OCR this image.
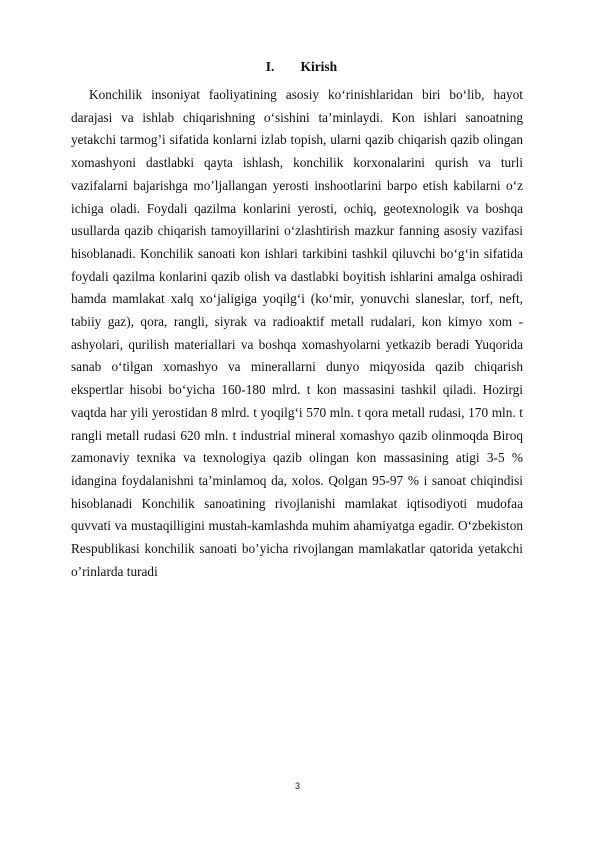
I. Kirish

Konchilik insoniyat faoliyatining asosiy koʻrinishlaridan biri boʻlib, hayot darajasi va ishlab chiqarishning oʻsishini ta’minlaydi. Kon ishlari sanoatning yetakchi tarmog’i sifatida konlarni izlab topish, ularni qazib chiqarish qazib olingan xomashyoni dastlabki qayta ishlash, konchilik korxonalarini qurish va turli vazifalarni bajarishga mo’ljallangan yerosti inshootlarini barpo etish kabilarni oʻz ichiga oladi. Foydali qazilma konlarini yerosti, ochiq, geotexnologik va boshqa usullarda qazib chiqarish tamoyillarini oʻzlashtirish mazkur fanning asosiy vazifasi hisoblanadi. Konchilik sanoati kon ishlari tarkibini tashkil qiluvchi boʻgʻin sifatida foydali qazilma konlarini qazib olish va dastlabki boyitish ishlarini amalga oshiradi hamda mamlakat xalq xoʻjaligiga yoqilgʻi (koʻmir, yonuvchi slaneslar, torf, neft, tabiiy gaz), qora, rangli, siyrak va radioaktif metall rudalari, kon kimyo xom - ashyolari, qurilish materiallari va boshqa xomashyolarni yetkazib beradi Yuqorida sanab oʻtilgan xomashyo va minerallarni dunyo miqyosida qazib chiqarish ekspertlar hisobi boʻyicha 160-180 mlrd. t kon massasini tashkil qiladi. Hozirgi vaqtda har yili yerostidan 8 mlrd. t yoqilgʻi 570 mln. t qora metall rudasi, 170 mln. t rangli metall rudasi 620 mln. t industrial mineral xomashyo qazib olinmoqda Biroq zamonaviy texnika va texnologiya qazib olingan kon massasining atigi 3-5 % idangina foydalanishni ta’minlamoq da, xolos. Qolgan 95-97 % i sanoat chiqindisi hisoblanadi Konchilik sanoatining rivojlanishi mamlakat iqtisodiyoti mudofaa quvvati va mustaqilligini mustah-kamlashda muhim ahamiyatga egadir. Oʻzbekiston Respublikasi konchilik sanoati bo’yicha rivojlangan mamlakatlar qatorida yetakchi o’rinlarda turadi

3
